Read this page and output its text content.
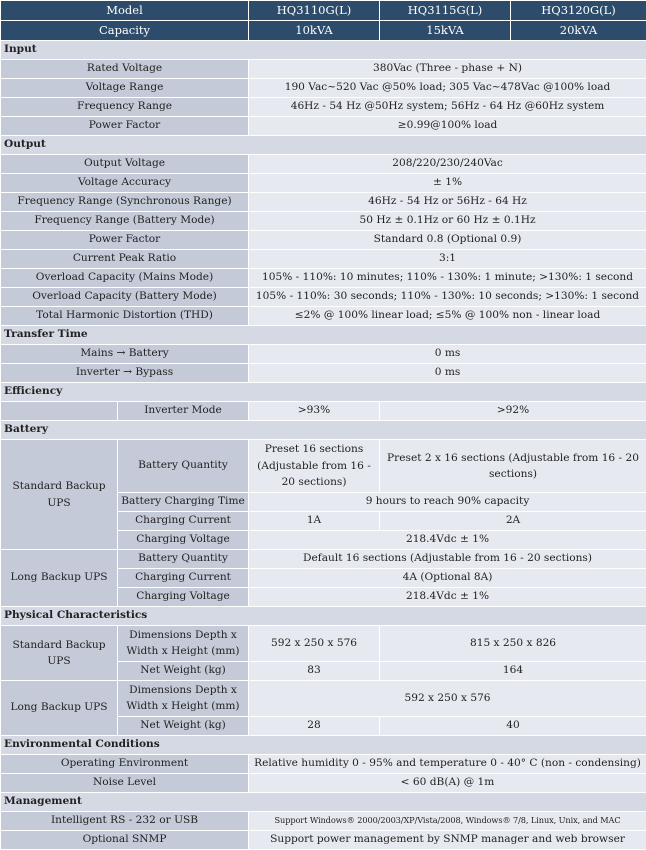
Model		HQ3110G(L)	HQ3115G(L)	HQ3120G(L)
Capacity		10kVA	15kVA	20kVA
Input				
Rated Voltage		380Vac (Three - phase + N)		
Voltage Range		190 Vac~520 Vac @50% load; 305 Vac~478Vac @100% load		
Frequency Range		46Hz - 54 Hz @50Hz system; 56Hz - 64 Hz @60Hz system		
Power Factor		≥0.99@100% load		
Output				
Output Voltage		208/220/230/240Vac		
Voltage Accuracy		± 1%		
Frequency Range (Synchronous Range)		46Hz - 54 Hz or 56Hz - 64 Hz		
Frequency Range (Battery Mode)		50 Hz ± 0.1Hz or 60 Hz ± 0.1Hz		
Power Factor		Standard 0.8 (Optional 0.9)		
Current Peak Ratio		3:1		
Overload Capacity (Mains Mode)		105% - 110%: 10 minutes; 110% - 130%: 1 minute; >130%: 1 second		
Overload Capacity (Battery Mode)		105% - 110%: 30 seconds; 110% - 130%: 10 seconds; >130%: 1 second		
Total Harmonic Distortion (THD)		≤2% @ 100% linear load; ≤5% @ 100% non - linear load		
Transfer Time				
Mains → Battery		0 ms		
Inverter → Bypass		0 ms		
Efficiency				
	Inverter Mode	>93%	>92%	
Battery				
Standard Backup UPS	Battery Quantity	Preset 16 sections (Adjustable from 16 - 20 sections)	Preset 2 x 16 sections (Adjustable from 16 - 20 sections)	
	Battery Charging Time	9 hours to reach 90% capacity		
	Charging Current	1A	2A	
	Charging Voltage	218.4Vdc ± 1%		
Long Backup UPS	Battery Quantity	Default 16 sections (Adjustable from 16 - 20 sections)		
	Charging Current	4A (Optional 8A)		
	Charging Voltage	218.4Vdc ± 1%		
Physical Characteristics				
Standard Backup UPS	Dimensions Depth x Width x Height (mm)	592 x 250 x 576	815 x 250 x 826	
	Net Weight (kg)	83	164	
Long Backup UPS	Dimensions Depth x Width x Height (mm)	592 x 250 x 576		
	Net Weight (kg)	28	40	
Environmental Conditions				
Operating Environment		Relative humidity 0 - 95% and temperature 0 - 40° C (non - condensing)		
Noise Level		< 60 dB(A) @ 1m		
Management				
Intelligent RS - 232 or USB		Support Windows® 2000/2003/XP/Vista/2008, Windows® 7/8, Linux, Unix, and MAC		
Optional SNMP		Support power management by SNMP manager and web browser		
